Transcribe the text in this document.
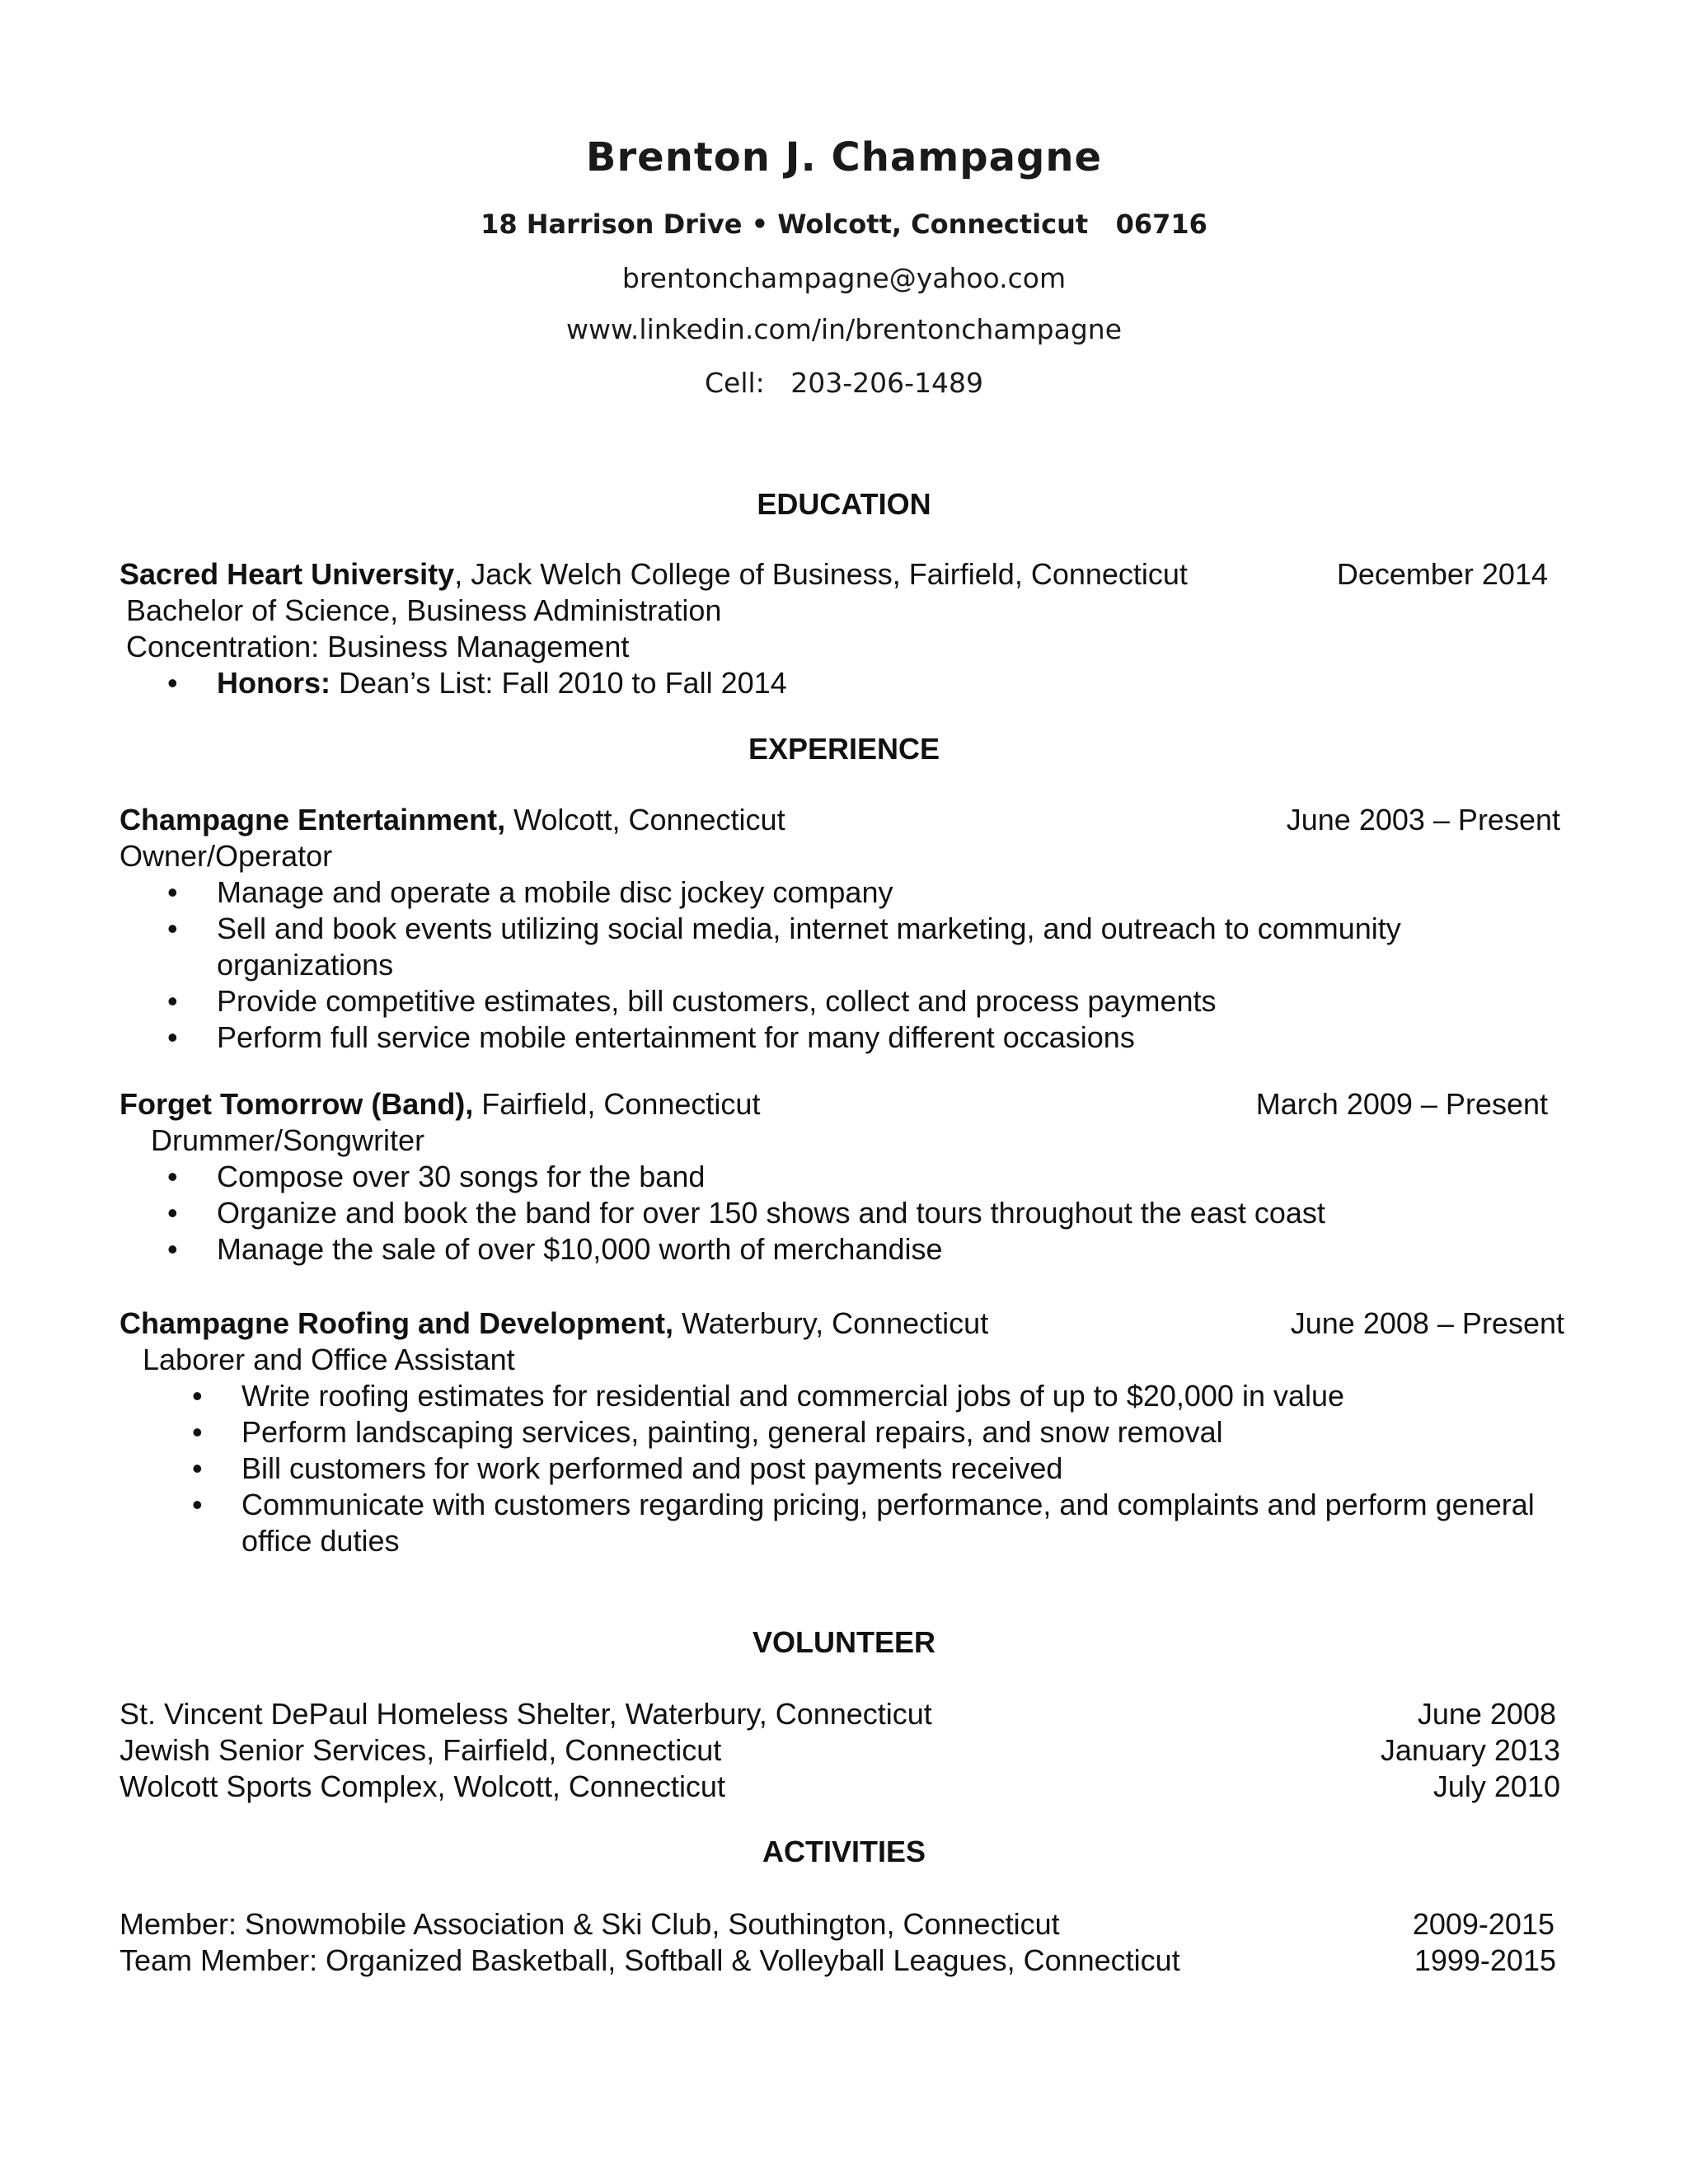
Brenton J. Champagne
18 Harrison Drive • Wolcott, Connecticut   06716
brentonchampagne@yahoo.com
www.linkedin.com/in/brentonchampagne
Cell:   203-206-1489
EDUCATION
Sacred Heart University, Jack Welch College of Business, Fairfield, Connecticut	December 2014
Bachelor of Science, Business Administration
Concentration: Business Management
• Honors: Dean’s List: Fall 2010 to Fall 2014
EXPERIENCE
Champagne Entertainment, Wolcott, Connecticut	June 2003 – Present
Owner/Operator
• Manage and operate a mobile disc jockey company
• Sell and book events utilizing social media, internet marketing, and outreach to community
organizations
• Provide competitive estimates, bill customers, collect and process payments
• Perform full service mobile entertainment for many different occasions
Forget Tomorrow (Band), Fairfield, Connecticut	March 2009 – Present
Drummer/Songwriter
• Compose over 30 songs for the band
• Organize and book the band for over 150 shows and tours throughout the east coast
• Manage the sale of over $10,000 worth of merchandise
Champagne Roofing and Development, Waterbury, Connecticut	June 2008 – Present
Laborer and Office Assistant
• Write roofing estimates for residential and commercial jobs of up to $20,000 in value
• Perform landscaping services, painting, general repairs, and snow removal
• Bill customers for work performed and post payments received
• Communicate with customers regarding pricing, performance, and complaints and perform general
office duties
VOLUNTEER
St. Vincent DePaul Homeless Shelter, Waterbury, Connecticut	June 2008
Jewish Senior Services, Fairfield, Connecticut	January 2013
Wolcott Sports Complex, Wolcott, Connecticut	July 2010
ACTIVITIES
Member: Snowmobile Association & Ski Club, Southington, Connecticut	2009-2015
Team Member: Organized Basketball, Softball & Volleyball Leagues, Connecticut	1999-2015
